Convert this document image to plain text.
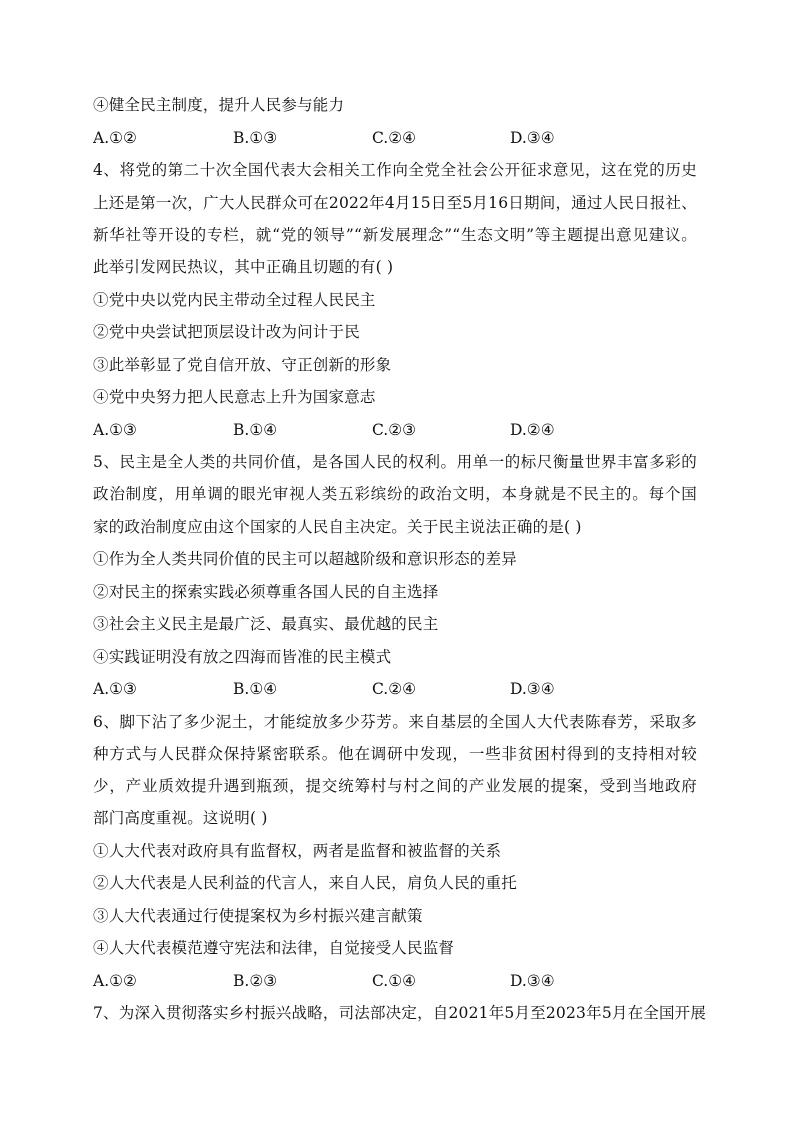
④健全民主制度，提升人民参与能力
A.①②	B.①③	C.②④	D.③④
4、将党的第二十次全国代表大会相关工作向全党全社会公开征求意见，这在党的历史
上还是第一次，广大人民群众可在2022年4月15日至5月16日期间，通过人民日报社、
新华社等开设的专栏，就“党的领导”“新发展理念”“生态文明”等主题提出意见建议。
此举引发网民热议，其中正确且切题的有( )
①党中央以党内民主带动全过程人民民主
②党中央尝试把顶层设计改为问计于民
③此举彰显了党自信开放、守正创新的形象
④党中央努力把人民意志上升为国家意志
A.①③	B.①④	C.②③	D.②④
5、民主是全人类的共同价值，是各国人民的权利。用单一的标尺衡量世界丰富多彩的
政治制度，用单调的眼光审视人类五彩缤纷的政治文明，本身就是不民主的。每个国
家的政治制度应由这个国家的人民自主决定。关于民主说法正确的是( )
①作为全人类共同价值的民主可以超越阶级和意识形态的差异
②对民主的探索实践必须尊重各国人民的自主选择
③社会主义民主是最广泛、最真实、最优越的民主
④实践证明没有放之四海而皆准的民主模式
A.①③	B.①④	C.②④	D.③④
6、脚下沾了多少泥土，才能绽放多少芬芳。来自基层的全国人大代表陈春芳，采取多
种方式与人民群众保持紧密联系。他在调研中发现，一些非贫困村得到的支持相对较
少，产业质效提升遇到瓶颈，提交统筹村与村之间的产业发展的提案，受到当地政府
部门高度重视。这说明( )
①人大代表对政府具有监督权，两者是监督和被监督的关系
②人大代表是人民利益的代言人，来自人民，肩负人民的重托
③人大代表通过行使提案权为乡村振兴建言献策
④人大代表模范遵守宪法和法律，自觉接受人民监督
A.①②	B.②③	C.①④	D.③④
7、为深入贯彻落实乡村振兴战略，司法部决定，自2021年5月至2023年5月在全国开展
